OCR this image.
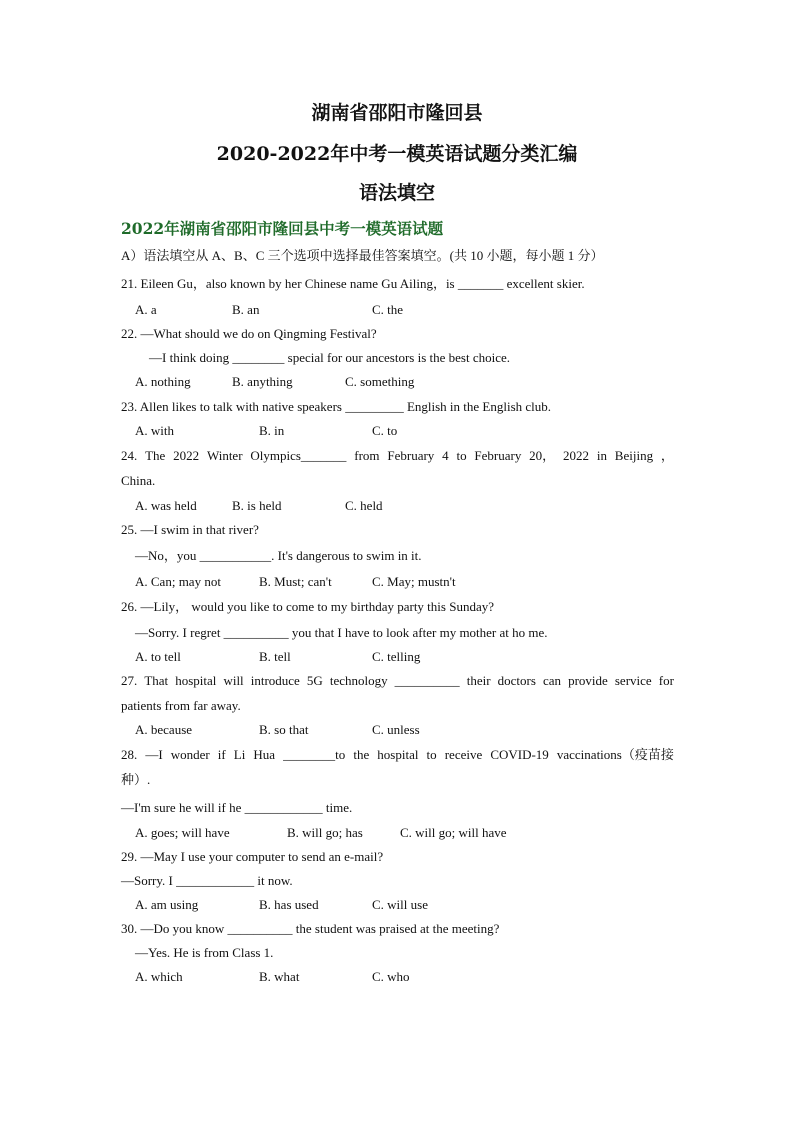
湖南省邵阳市隆回县
2020-2022年中考一模英语试题分类汇编
语法填空
2022年湖南省邵阳市隆回县中考一模英语试题
A）语法填空从 A、B、C 三个选项中选择最佳答案填空。(共 10 小题，每小题 1 分）
21. Eileen Gu，also known by her Chinese name Gu Ailing，is _______ excellent skier.
A. a	B. an	C. the
22. —What should we do on Qingming Festival?
—I think doing ________ special for our ancestors is the best choice.
A. nothing	B. anything	C. something
23. Allen likes to talk with native speakers _________ English in the English club.
A. with	B. in	C. to
24. The 2022 Winter Olympics_______ from February 4 to February 20， 2022 in Beijing ，
China.
A. was held	B. is held	C. held
25. —I swim in that river?
—No，you ___________. It's dangerous to swim in it.
A. Can; may not	B. Must; can't	C. May; mustn't
26. —Lily， would you like to come to my birthday party this Sunday?
—Sorry. I regret __________ you that I have to look after my mother at ho me.
A. to tell	B. tell	C. telling
27. That hospital will introduce 5G technology __________ their doctors can provide service for
patients from far away.
A. because	B. so that	C. unless
28. —I wonder if Li Hua ________to the hospital to receive COVID-19 vaccinations（疫苗接
种）.
—I'm sure he will if he ____________ time.
A. goes; will have	B. will go; has	C. will go; will have
29. —May I use your computer to send an e-mail?
—Sorry. I ____________ it now.
A. am using	B. has used	C. will use
30. —Do you know __________ the student was praised at the meeting?
—Yes. He is from Class 1.
A. which	B. what	C. who
